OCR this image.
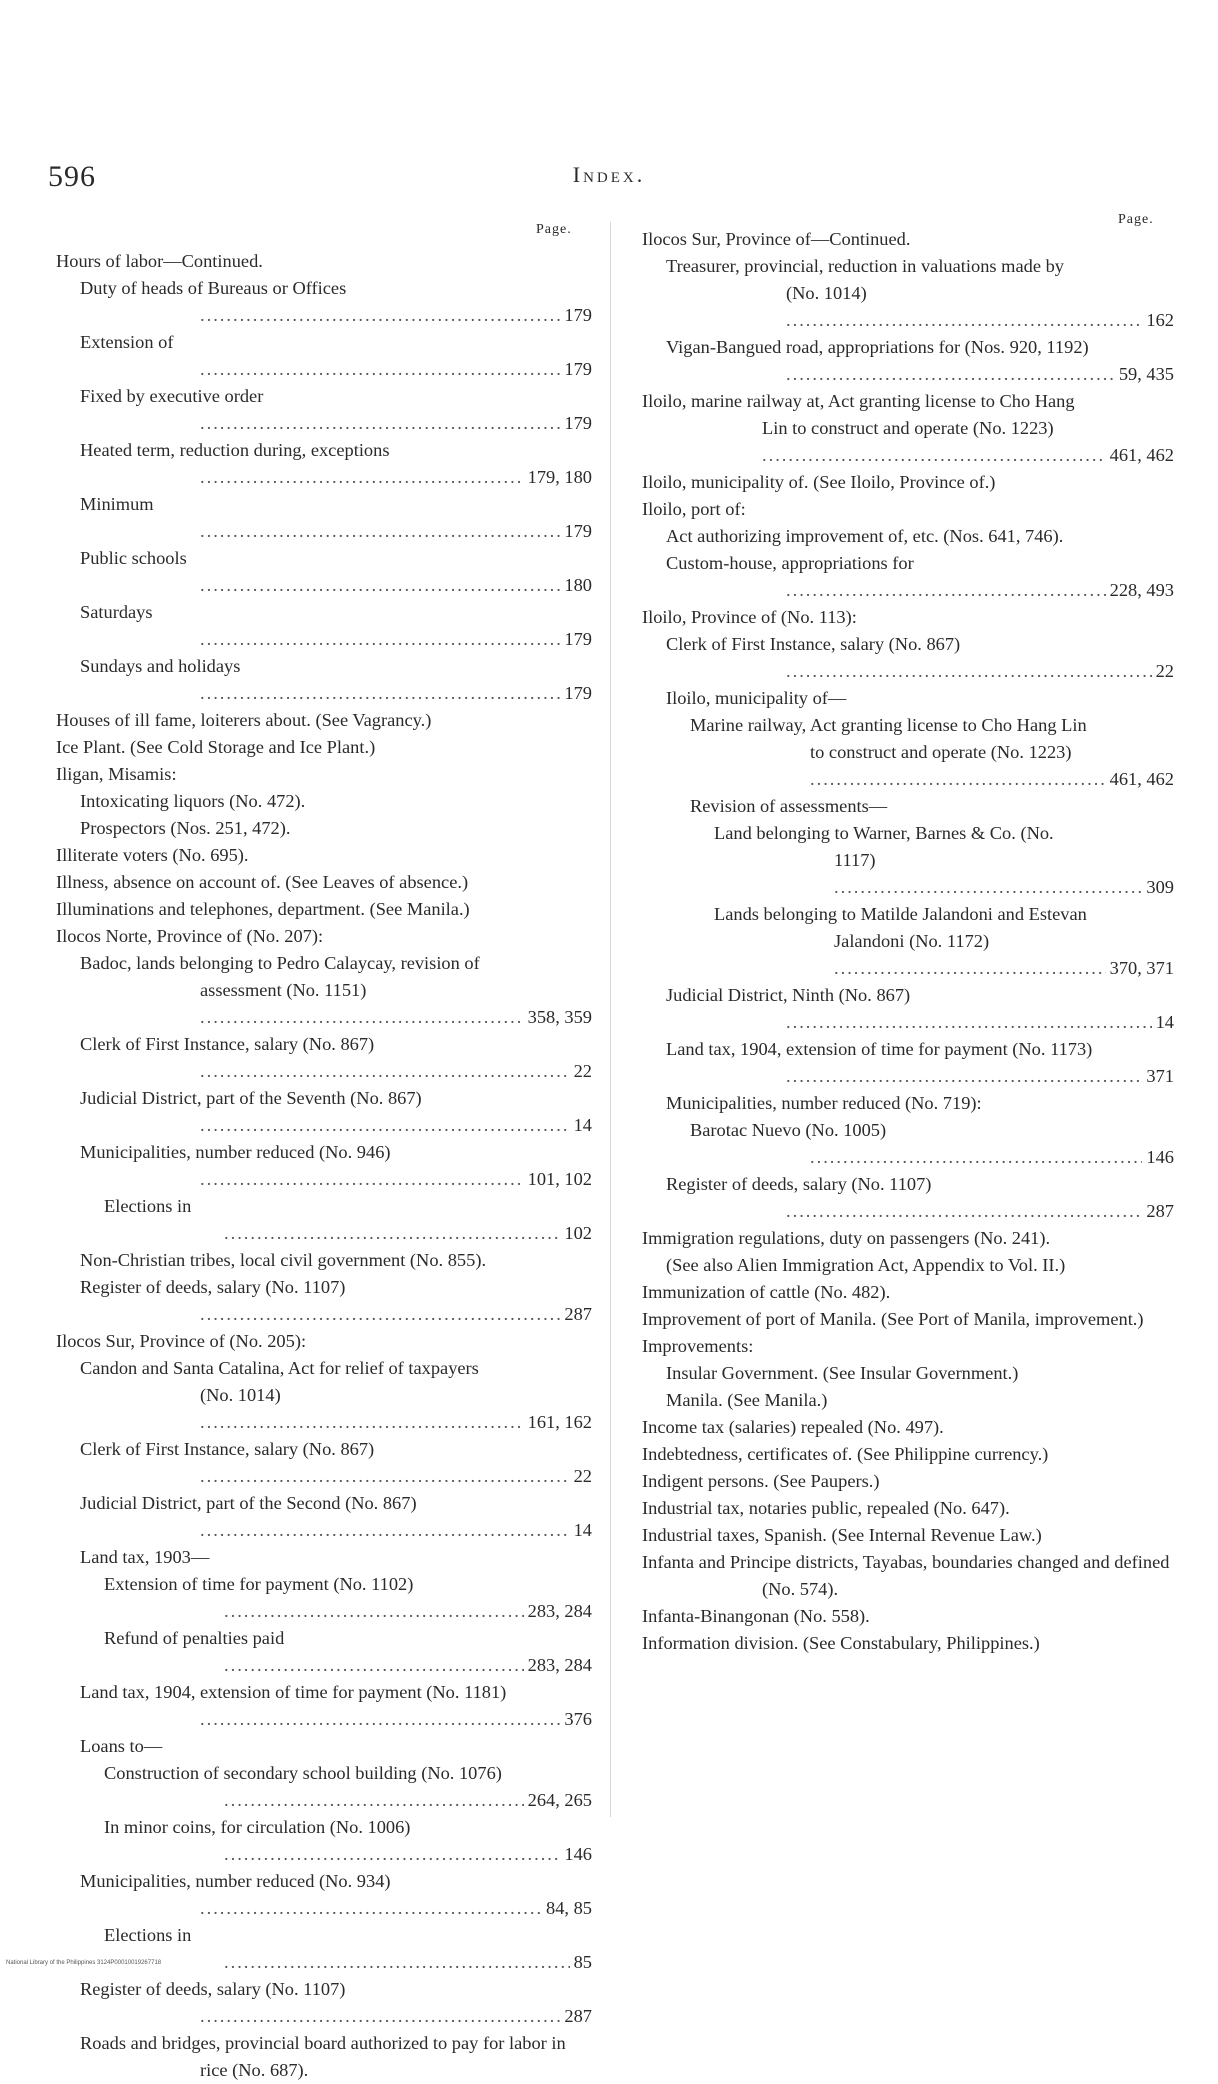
596	Index.
Page.
Page.
Hours of labor—Continued.
Duty of heads of Bureaus or Offices .....
179
Extension of .....
179
Fixed by executive order .....
179
Heated term, reduction during, exceptions .....
179, 180
Minimum .....
179
Public schools .....
180
Saturdays .....
179
Sundays and holidays .....
179
Houses of ill fame, loiterers about. (See Vagrancy.)
Ice Plant. (See Cold Storage and Ice Plant.)
Iligan, Misamis:
Intoxicating liquors (No. 472).
Prospectors (Nos. 251, 472).
Illiterate voters (No. 695).
Illness, absence on account of. (See Leaves of absence.)
Illuminations and telephones, department. (See Manila.)
Ilocos Norte, Province of (No. 207):
Badoc, lands belonging to Pedro Calaycay, revision of assessment (No. 1151) .....
358, 359
Clerk of First Instance, salary (No. 867) .....
22
Judicial District, part of the Seventh (No. 867) .....
14
Municipalities, number reduced (No. 946) .....
101, 102
Elections in .....
102
Non-Christian tribes, local civil government (No. 855).
Register of deeds, salary (No. 1107) .....
287
Ilocos Sur, Province of (No. 205):
Candon and Santa Catalina, Act for relief of taxpayers (No. 1014) .....
161, 162
Clerk of First Instance, salary (No. 867) .....
22
Judicial District, part of the Second (No. 867) .....
14
Land tax, 1903—
Extension of time for payment (No. 1102) .....
283, 284
Refund of penalties paid .....
283, 284
Land tax, 1904, extension of time for payment (No. 1181) .....
376
Loans to—
Construction of secondary school building (No. 1076) .....
264, 265
In minor coins, for circulation (No. 1006) .....
146
Municipalities, number reduced (No. 934) .....
84, 85
Elections in .....
85
Register of deeds, salary (No. 1107) .....
287
Roads and bridges, provincial board authorized to pay for labor in rice (No. 687).
Ilocos Sur, Province of—Continued.
Treasurer, provincial, reduction in valuations made by (No. 1014) .....
162
Vigan-Bangued road, appropriations for (Nos. 920, 1192) .....
59, 435
Iloilo, marine railway at, Act granting license to Cho Hang Lin to construct and operate (No. 1223) .....
461, 462
Iloilo, municipality of. (See Iloilo, Province of.)
Iloilo, port of:
Act authorizing improvement of, etc. (Nos. 641, 746).
Custom-house, appropriations for .....
228, 493
Iloilo, Province of (No. 113):
Clerk of First Instance, salary (No. 867) .....
22
Iloilo, municipality of—
Marine railway, Act granting license to Cho Hang Lin to construct and operate (No. 1223) .....
461, 462
Revision of assessments—
Land belonging to Warner, Barnes & Co. (No. 1117) .....
309
Lands belonging to Matilde Jalandoni and Estevan Jalandoni (No. 1172) .....
370, 371
Judicial District, Ninth (No. 867) .....
14
Land tax, 1904, extension of time for payment (No. 1173) .....
371
Municipalities, number reduced (No. 719):
Barotac Nuevo (No. 1005) .....
146
Register of deeds, salary (No. 1107) .....
287
Immigration regulations, duty on passengers (No. 241).
(See also Alien Immigration Act, Appendix to Vol. II.)
Immunization of cattle (No. 482).
Improvement of port of Manila. (See Port of Manila, improvement.)
Improvements:
Insular Government. (See Insular Government.)
Manila. (See Manila.)
Income tax (salaries) repealed (No. 497).
Indebtedness, certificates of. (See Philippine currency.)
Indigent persons. (See Paupers.)
Industrial tax, notaries public, repealed (No. 647).
Industrial taxes, Spanish. (See Internal Revenue Law.)
Infanta and Principe districts, Tayabas, boundaries changed and defined (No. 574).
Infanta-Binangonan (No. 558).
Information division. (See Constabulary, Philippines.)
National Library of the Philippines 3124P00010019267718
